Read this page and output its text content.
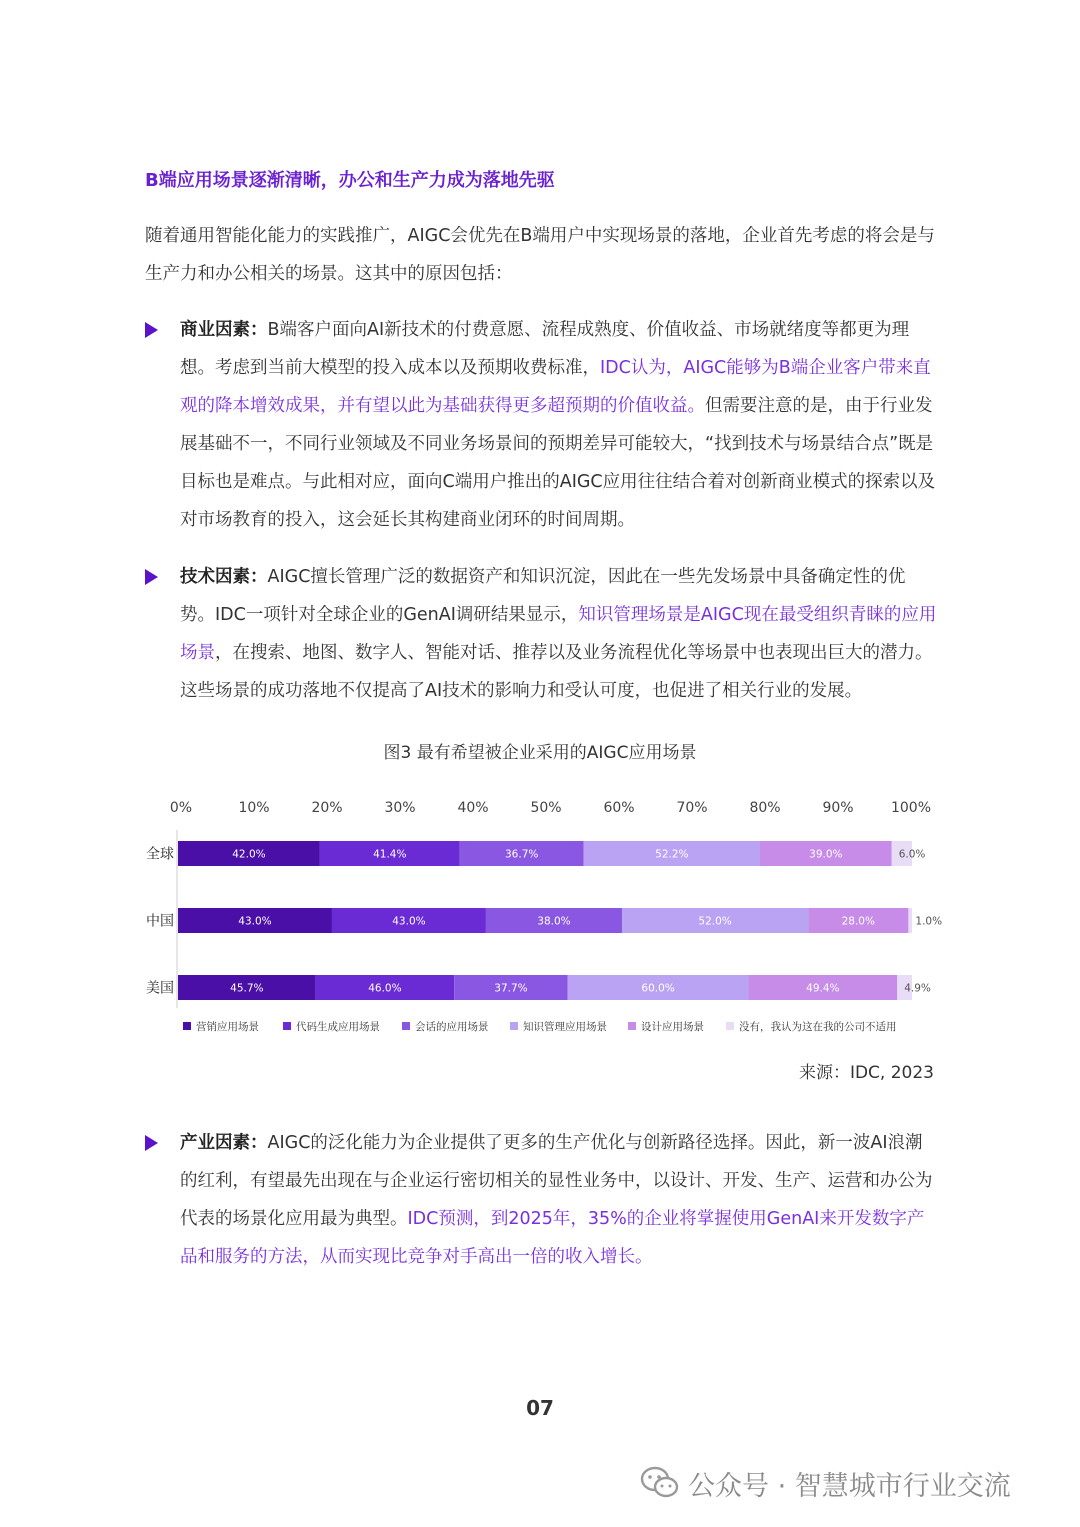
B端应用场景逐渐清晰，办公和生产力成为落地先驱

随着通用智能化能力的实践推广，AIGC会优先在B端用户中实现场景的落地，企业首先考虑的将会是与生产力和办公相关的场景。这其中的原因包括：

商业因素：B端客户面向AI新技术的付费意愿、流程成熟度、价值收益、市场就绪度等都更为理想。考虑到当前大模型的投入成本以及预期收费标准，IDC认为，AIGC能够为B端企业客户带来直观的降本增效成果，并有望以此为基础获得更多超预期的价值收益。但需要注意的是，由于行业发展基础不一，不同行业领域及不同业务场景间的预期差异可能较大，“找到技术与场景结合点”既是目标也是难点。与此相对应，面向C端用户推出的AIGC应用往往结合着对创新商业模式的探索以及对市场教育的投入，这会延长其构建商业闭环的时间周期。
技术因素：AIGC擅长管理广泛的数据资产和知识沉淀，因此在一些先发场景中具备确定性的优势。IDC一项针对全球企业的GenAI调研结果显示，知识管理场景是AIGC现在最受组织青睐的应用场景，在搜索、地图、数字人、智能对话、推荐以及业务流程优化等场景中也表现出巨大的潜力。这些场景的成功落地不仅提高了AI技术的影响力和受认可度，也促进了相关行业的发展。
图3 最有希望被企业采用的AIGC应用场景
0%	10%	20%	30%	40%	50%	60%	70%	80%	90%	100%
全球	42.0%	41.4%	36.7%	52.2%	39.0%	6.0%
中国	43.0%	43.0%	38.0%	52.0%	28.0%	1.0%
美国	45.7%	46.0%	37.7%	60.0%	49.4%	4.9%
营销应用场景	代码生成应用场景	会话的应用场景	知识管理应用场景	设计应用场景	没有，我认为这在我的公司不适用
来源：IDC, 2023
产业因素：AIGC的泛化能力为企业提供了更多的生产优化与创新路径选择。因此，新一波AI浪潮的红利，有望最先出现在与企业运行密切相关的显性业务中，以设计、开发、生产、运营和办公为代表的场景化应用最为典型。IDC预测，到2025年，35%的企业将掌握使用GenAI来开发数字产品和服务的方法，从而实现比竞争对手高出一倍的收入增长。
07
公众号 · 智慧城市行业交流
